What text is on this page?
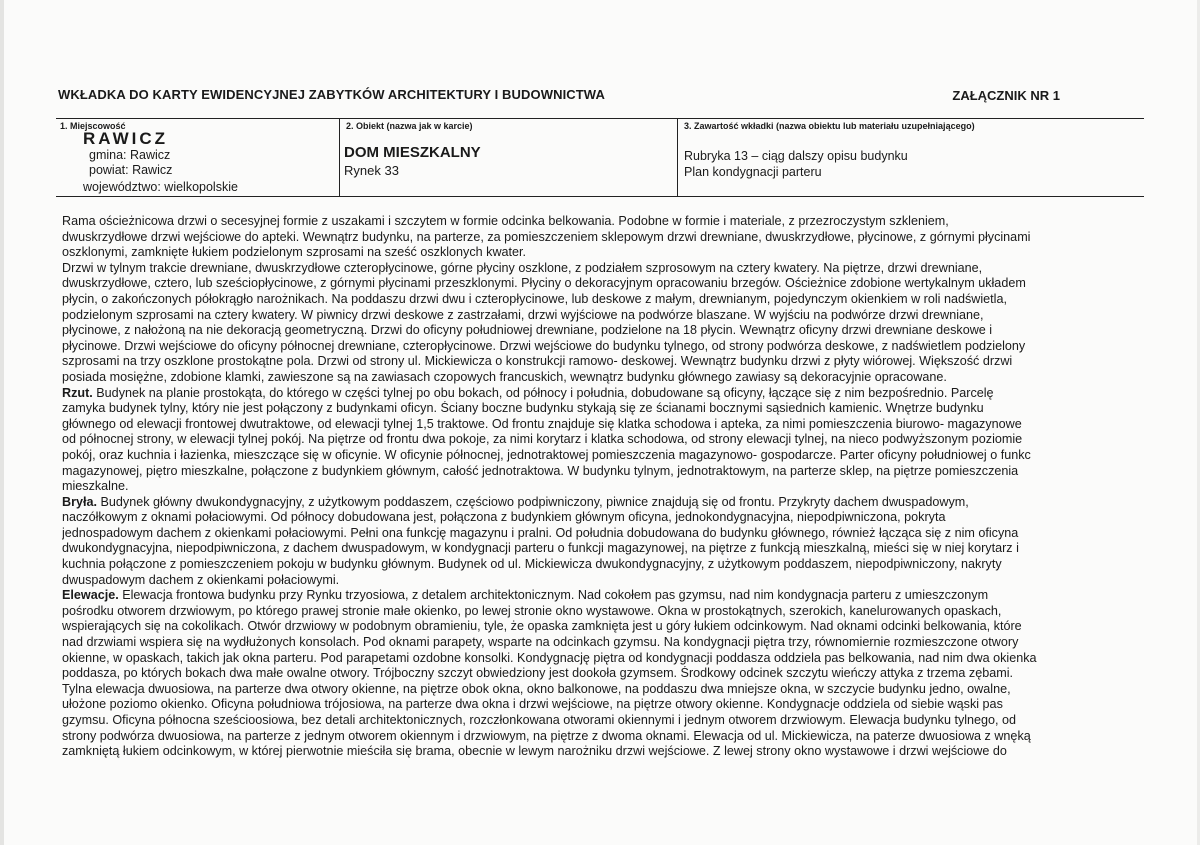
WKŁADKA DO KARTY EWIDENCYJNEJ ZABYTKÓW ARCHITEKTURY I BUDOWNICTWA	ZAŁĄCZNIK NR 1
1. Miejscowość
RAWICZ
gmina: Rawicz
powiat: Rawicz
województwo: wielkopolskie
2. Obiekt (nazwa jak w karcie)
DOM MIESZKALNY
Rynek 33
3. Zawartość wkładki (nazwa obiektu lub materiału uzupełniającego)
Rubryka 13 – ciąg dalszy opisu budynku
Plan kondygnacji parteru
Rama ościeżnicowa drzwi o secesyjnej formie z uszakami i szczytem w formie odcinka belkowania. Podobne w formie i materiale, z przezroczystym szkleniem,
dwuskrzydłowe drzwi wejściowe do apteki. Wewnątrz budynku, na parterze, za pomieszczeniem sklepowym drzwi drewniane, dwuskrzydłowe, płycinowe, z górnymi płycinami
oszklonymi, zamknięte łukiem podzielonym szprosami na sześć oszklonych kwater.
Drzwi w tylnym trakcie drewniane, dwuskrzydłowe czteropłycinowe, górne płyciny oszklone, z podziałem szprosowym na cztery kwatery. Na piętrze, drzwi drewniane,
dwuskrzydłowe, cztero, lub sześciopłycinowe, z górnymi płycinami przeszklonymi. Płyciny o dekoracyjnym opracowaniu brzegów. Ościeżnice zdobione wertykalnym układem
płycin, o zakończonych półokrągło narożnikach. Na poddaszu drzwi dwu i czteropłycinowe, lub deskowe z małym, drewnianym, pojedynczym okienkiem w roli nadświetla,
podzielonym szprosami na cztery kwatery. W piwnicy drzwi deskowe z zastrzałami, drzwi wyjściowe na podwórze blaszane. W wyjściu na podwórze drzwi drewniane,
płycinowe, z nałożoną na nie dekoracją geometryczną. Drzwi do oficyny południowej drewniane, podzielone na 18 płycin. Wewnątrz oficyny drzwi drewniane deskowe i
płycinowe. Drzwi wejściowe do oficyny północnej drewniane, czteropłycinowe. Drzwi wejściowe do budynku tylnego, od strony podwórza deskowe, z nadświetlem podzielony
szprosami na trzy oszklone prostokątne pola. Drzwi od strony ul. Mickiewicza o konstrukcji ramowo- deskowej. Wewnątrz budynku drzwi z płyty wiórowej. Większość drzwi
posiada mosiężne, zdobione klamki, zawieszone są na zawiasach czopowych francuskich, wewnątrz budynku głównego zawiasy są dekoracyjnie opracowane.
Rzut. Budynek na planie prostokąta, do którego w części tylnej po obu bokach, od północy i południa, dobudowane są oficyny, łączące się z nim bezpośrednio. Parcelę
zamyka budynek tylny, który nie jest połączony z budynkami oficyn. Ściany boczne budynku stykają się ze ścianami bocznymi sąsiednich kamienic. Wnętrze budynku
głównego od elewacji frontowej dwutraktowe, od elewacji tylnej 1,5 traktowe. Od frontu znajduje się klatka schodowa i apteka, za nimi pomieszczenia biurowo- magazynowe
od północnej strony, w elewacji tylnej pokój. Na piętrze od frontu dwa pokoje, za nimi korytarz i klatka schodowa, od strony elewacji tylnej, na nieco podwyższonym poziomie
pokój, oraz kuchnia i łazienka, mieszczące się w oficynie. W oficynie północnej, jednotraktowej pomieszczenia magazynowo- gospodarcze. Parter oficyny południowej o funkc
magazynowej, piętro mieszkalne, połączone z budynkiem głównym, całość jednotraktowa. W budynku tylnym, jednotraktowym, na parterze sklep, na piętrze pomieszczenia
mieszkalne.
Bryła. Budynek główny dwukondygnacyjny, z użytkowym poddaszem, częściowo podpiwniczony, piwnice znajdują się od frontu. Przykryty dachem dwuspadowym,
naczółkowym z oknami połaciowymi. Od północy dobudowana jest, połączona z budynkiem głównym oficyna, jednokondygnacyjna, niepodpiwniczona, pokryta
jednospadowym dachem z okienkami połaciowymi. Pełni ona funkcję magazynu i pralni. Od południa dobudowana do budynku głównego, również łącząca się z nim oficyna
dwukondygnacyjna, niepodpiwniczona, z dachem dwuspadowym, w kondygnacji parteru o funkcji magazynowej, na piętrze z funkcją mieszkalną, mieści się w niej korytarz i
kuchnia połączone z pomieszczeniem pokoju w budynku głównym. Budynek od ul. Mickiewicza dwukondygnacyjny, z użytkowym poddaszem, niepodpiwniczony, nakryty
dwuspadowym dachem z okienkami połaciowymi.
Elewacje. Elewacja frontowa budynku przy Rynku trzyosiowa, z detalem architektonicznym. Nad cokołem pas gzymsu, nad nim kondygnacja parteru z umieszczonym
pośrodku otworem drzwiowym, po którego prawej stronie małe okienko, po lewej stronie okno wystawowe. Okna w prostokątnych, szerokich, kanelurowanych opaskach,
wspierających się na cokolikach. Otwór drzwiowy w podobnym obramieniu, tyle, że opaska zamknięta jest u góry łukiem odcinkowym. Nad oknami odcinki belkowania, które
nad drzwiami wspiera się na wydłużonych konsolach. Pod oknami parapety, wsparte na odcinkach gzymsu. Na kondygnacji piętra trzy, równomiernie rozmieszczone otwory
okienne, w opaskach, takich jak okna parteru. Pod parapetami ozdobne konsolki. Kondygnację piętra od kondygnacji poddasza oddziela pas belkowania, nad nim dwa okienka
poddasza, po których bokach dwa małe owalne otwory. Trójboczny szczyt obwiedziony jest dookoła gzymsem. Środkowy odcinek szczytu wieńczy attyka z trzema zębami.
Tylna elewacja dwuosiowa, na parterze dwa otwory okienne, na piętrze obok okna, okno balkonowe, na poddaszu dwa mniejsze okna, w szczycie budynku jedno, owalne,
ułożone poziomo okienko. Oficyna południowa trójosiowa, na parterze dwa okna i drzwi wejściowe, na piętrze otwory okienne. Kondygnacje oddziela od siebie wąski pas
gzymsu. Oficyna północna sześcioosiowa, bez detali architektonicznych, rozczłonkowana otworami okiennymi i jednym otworem drzwiowym. Elewacja budynku tylnego, od
strony podwórza dwuosiowa, na parterze z jednym otworem okiennym i drzwiowym, na piętrze z dwoma oknami. Elewacja od ul. Mickiewicza, na paterze dwuosiowa z wnęką
zamkniętą łukiem odcinkowym, w której pierwotnie mieściła się brama, obecnie w lewym narożniku drzwi wejściowe. Z lewej strony okno wystawowe i drzwi wejściowe do
